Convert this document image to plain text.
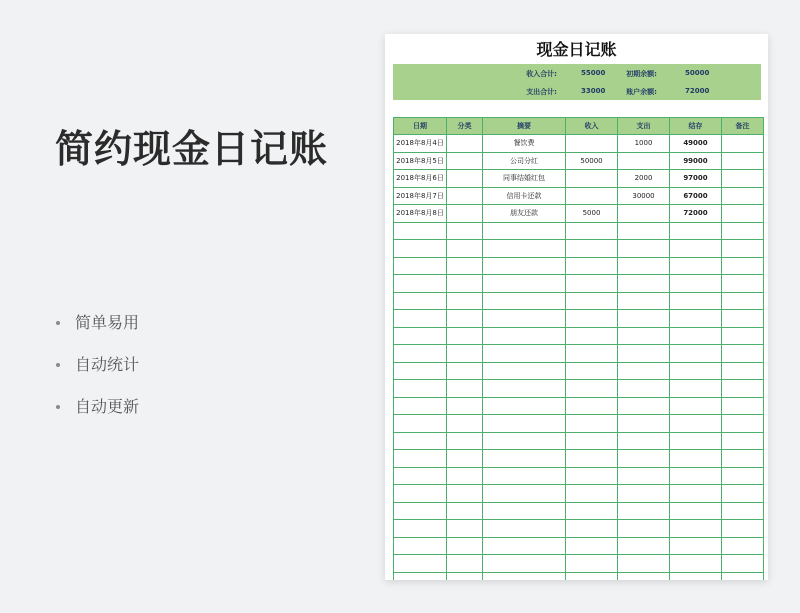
简约现金日记账
简单易用
自动统计
自动更新
现金日记账
收入合计:	55000	初期余额:	50000
支出合计:	33000	账户余额:	72000
日期	分类	摘要	收入	支出	结存	备注
2018年8月4日		餐饮费		1000	49000	
2018年8月5日		公司分红	50000		99000	
2018年8月6日		同事结婚红包		2000	97000	
2018年8月7日		信用卡还款		30000	67000	
2018年8月8日		朋友还款	5000		72000	
